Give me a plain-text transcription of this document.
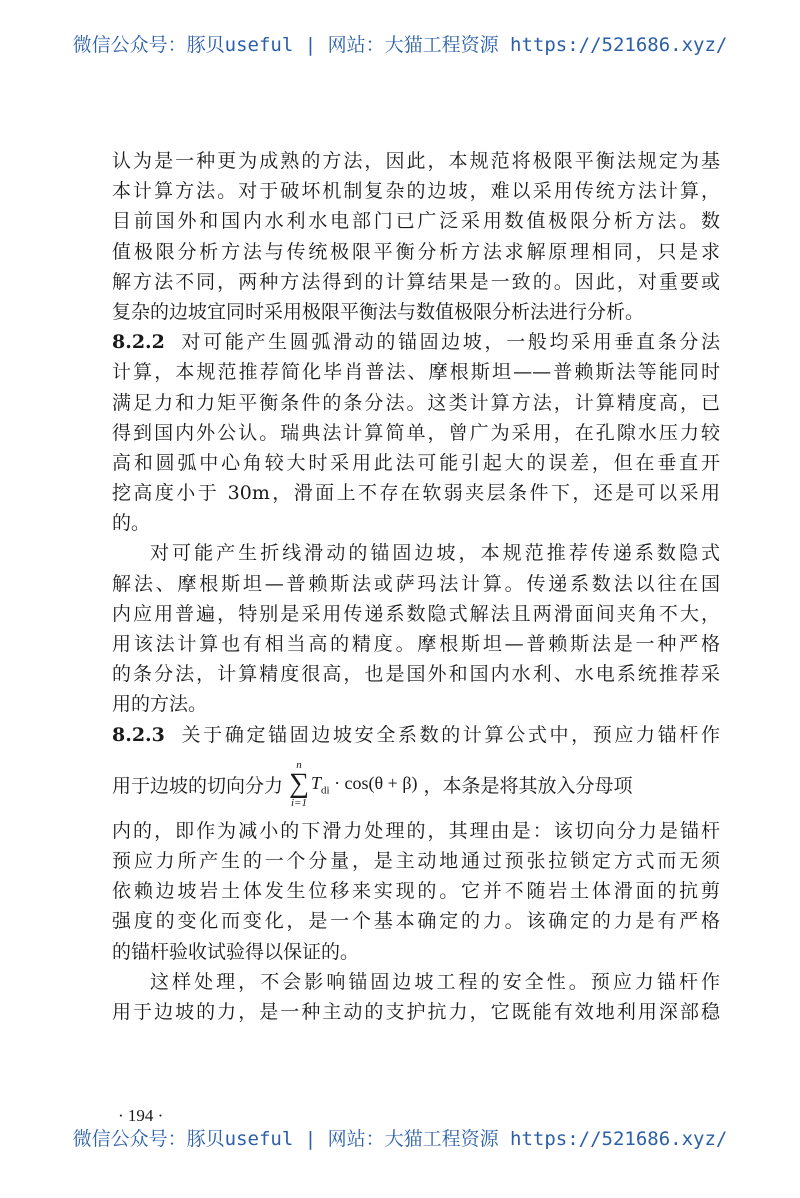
微信公众号：豚贝useful | 网站：大猫工程资源 https://521686.xyz/
认为是一种更为成熟的方法，因此，本规范将极限平衡法规定为基
本计算方法。对于破坏机制复杂的边坡，难以采用传统方法计算，
目前国外和国内水利水电部门已广泛采用数值极限分析方法。数
值极限分析方法与传统极限平衡分析方法求解原理相同，只是求
解方法不同，两种方法得到的计算结果是一致的。因此，对重要或
复杂的边坡宜同时采用极限平衡法与数值极限分析法进行分析。
8.2.2 对可能产生圆弧滑动的锚固边坡，一般均采用垂直条分法
计算，本规范推荐简化毕肖普法、摩根斯坦——普赖斯法等能同时
满足力和力矩平衡条件的条分法。这类计算方法，计算精度高，已
得到国内外公认。瑞典法计算简单，曾广为采用，在孔隙水压力较
高和圆弧中心角较大时采用此法可能引起大的误差，但在垂直开
挖高度小于 30m，滑面上不存在软弱夹层条件下，还是可以采用
的。
对可能产生折线滑动的锚固边坡，本规范推荐传递系数隐式
解法、摩根斯坦—普赖斯法或萨玛法计算。传递系数法以往在国
内应用普遍，特别是采用传递系数隐式解法且两滑面间夹角不大，
用该法计算也有相当高的精度。摩根斯坦—普赖斯法是一种严格
的条分法，计算精度很高，也是国外和国内水利、水电系统推荐采
用的方法。
8.2.3 关于确定锚固边坡安全系数的计算公式中，预应力锚杆作
用于边坡的切向分力
n
∑
i=1
$T_{di} \cdot \cos(\theta + \beta)$ ，本条是将其放入分母项
内的，即作为减小的下滑力处理的，其理由是：该切向分力是锚杆
预应力所产生的一个分量，是主动地通过预张拉锁定方式而无须
依赖边坡岩土体发生位移来实现的。它并不随岩土体滑面的抗剪
强度的变化而变化，是一个基本确定的力。该确定的力是有严格
的锚杆验收试验得以保证的。
这样处理，不会影响锚固边坡工程的安全性。预应力锚杆作
用于边坡的力，是一种主动的支护抗力，它既能有效地利用深部稳
· 194 ·
微信公众号：豚贝useful | 网站：大猫工程资源 https://521686.xyz/
